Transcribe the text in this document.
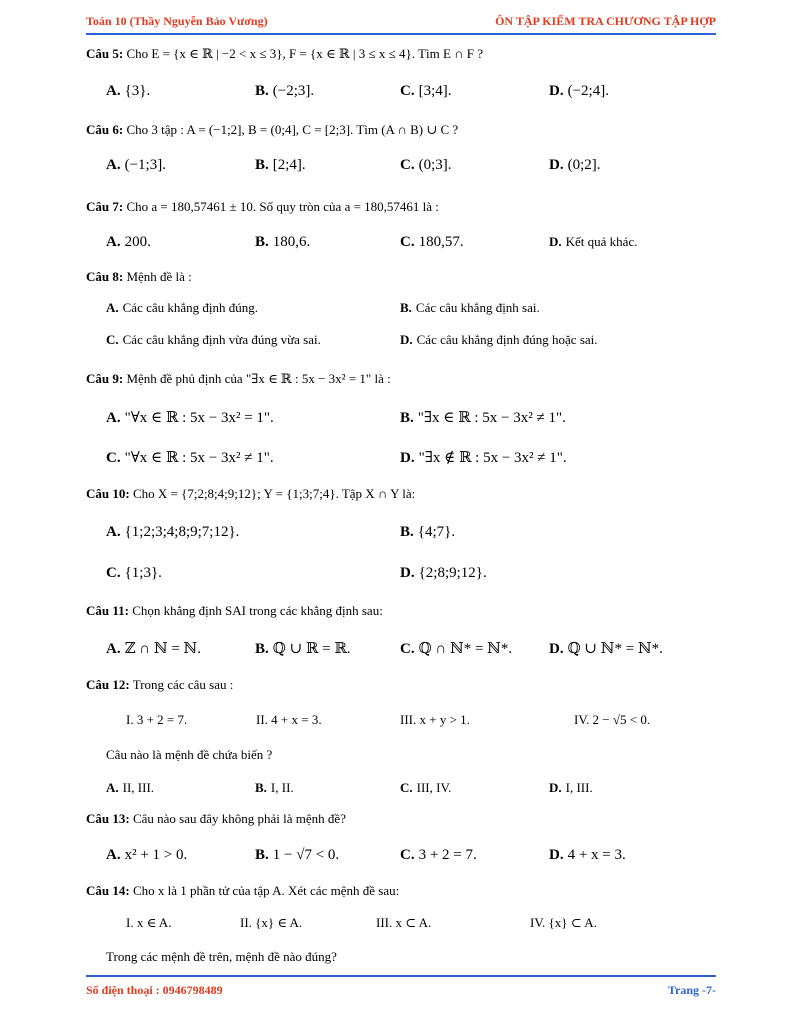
Toán 10 (Thầy Nguyễn Bảo Vương)	ÔN TẬP KIỂM TRA CHƯƠNG TẬP HỢP
Câu 5: Cho E = {x ∈ ℝ | −2 < x ≤ 3}, F = {x ∈ ℝ | 3 ≤ x ≤ 4}. Tìm E ∩ F ?
A. {3}.	B. (−2;3].	C. [3;4].	D. (−2;4].
Câu 6: Cho 3 tập : A = (−1;2], B = (0;4], C = [2;3]. Tìm (A ∩ B) ∪ C ?
A. (−1;3].	B. [2;4].	C. (0;3].	D. (0;2].
Câu 7: Cho a = 180,57461 ± 10. Số quy tròn của a = 180,57461 là :
A. 200.	B. 180,6.	C. 180,57.	D. Kết quả khác.
Câu 8: Mệnh đề là :
A. Các câu khẳng định đúng.	B. Các câu khẳng định sai.
C. Các câu khẳng định vừa đúng vừa sai.	D. Các câu khẳng định đúng hoặc sai.
Câu 9: Mệnh đề phủ định của "∃x ∈ ℝ : 5x − 3x² = 1" là :
A. "∀x ∈ ℝ : 5x − 3x² = 1".	B. "∃x ∈ ℝ : 5x − 3x² ≠ 1".
C. "∀x ∈ ℝ : 5x − 3x² ≠ 1".	D. "∃x ∉ ℝ : 5x − 3x² ≠ 1".
Câu 10: Cho X = {7;2;8;4;9;12}; Y = {1;3;7;4}. Tập X ∩ Y là:
A. {1;2;3;4;8;9;7;12}.	B. {4;7}.
C. {1;3}.	D. {2;8;9;12}.
Câu 11: Chọn khẳng định SAI trong các khẳng định sau:
A. ℤ ∩ ℕ = ℕ.	B. ℚ ∪ ℝ = ℝ.	C. ℚ ∩ ℕ* = ℕ*. D. ℚ ∪ ℕ* = ℕ*.
Câu 12: Trong các câu sau :
I. 3 + 2 = 7.	II. 4 + x = 3.	III. x + y > 1.	IV. 2 − √5 < 0.
Câu nào là mệnh đề chứa biến ?
A. II, III.	B. I, II.	C. III, IV.	D. I, III.
Câu 13: Câu nào sau đây không phải là mệnh đề?
A. x² + 1 > 0.	B. 1 − √7 < 0.	C. 3 + 2 = 7.	D. 4 + x = 3.
Câu 14: Cho x là 1 phần tử của tập A. Xét các mệnh đề sau:
I. x ∈ A.	II. {x} ∈ A.	III. x ⊂ A.	IV. {x} ⊂ A.
Trong các mệnh đề trên, mệnh đề nào đúng?
Số điện thoại : 0946798489	Trang -7-
